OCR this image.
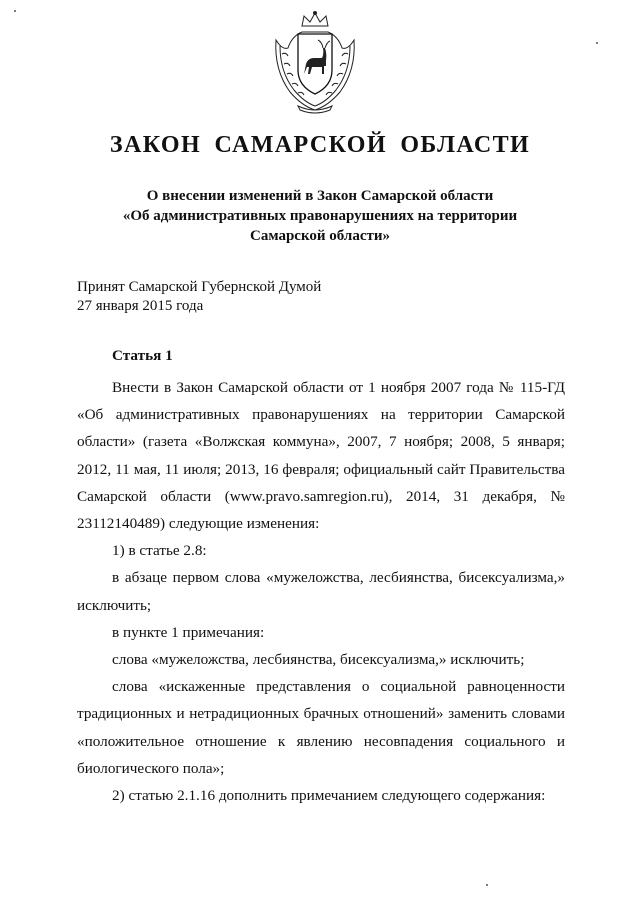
ЗАКОН САМАРСКОЙ ОБЛАСТИ
О внесении изменений в Закон Самарской области
«Об административных правонарушениях на территории
Самарской области»
Принят Самарской Губернской Думой
27 января 2015 года
Статья 1

Внести в Закон Самарской области от 1 ноября 2007 года № 115-ГД «Об административных правонарушениях на территории Самарской области» (газета «Волжская коммуна», 2007, 7 ноября; 2008, 5 января; 2012, 11 мая, 11 июля; 2013, 16 февраля; официальный сайт Правительства Самарской области (www.pravo.samregion.ru), 2014, 31 декабря, № 23112140489) следующие изменения:

1) в статье 2.8:

в абзаце первом слова «мужеложства, лесбиянства, бисексуализма,» исключить;

в пункте 1 примечания:

слова «мужеложства, лесбиянства, бисексуализма,» исключить;

слова «искаженные представления о социальной равноценности традиционных и нетрадиционных брачных отношений» заменить словами «положительное отношение к явлению несовпадения социального и биологического пола»;

2) статью 2.1.16 дополнить примечанием следующего содержания:
